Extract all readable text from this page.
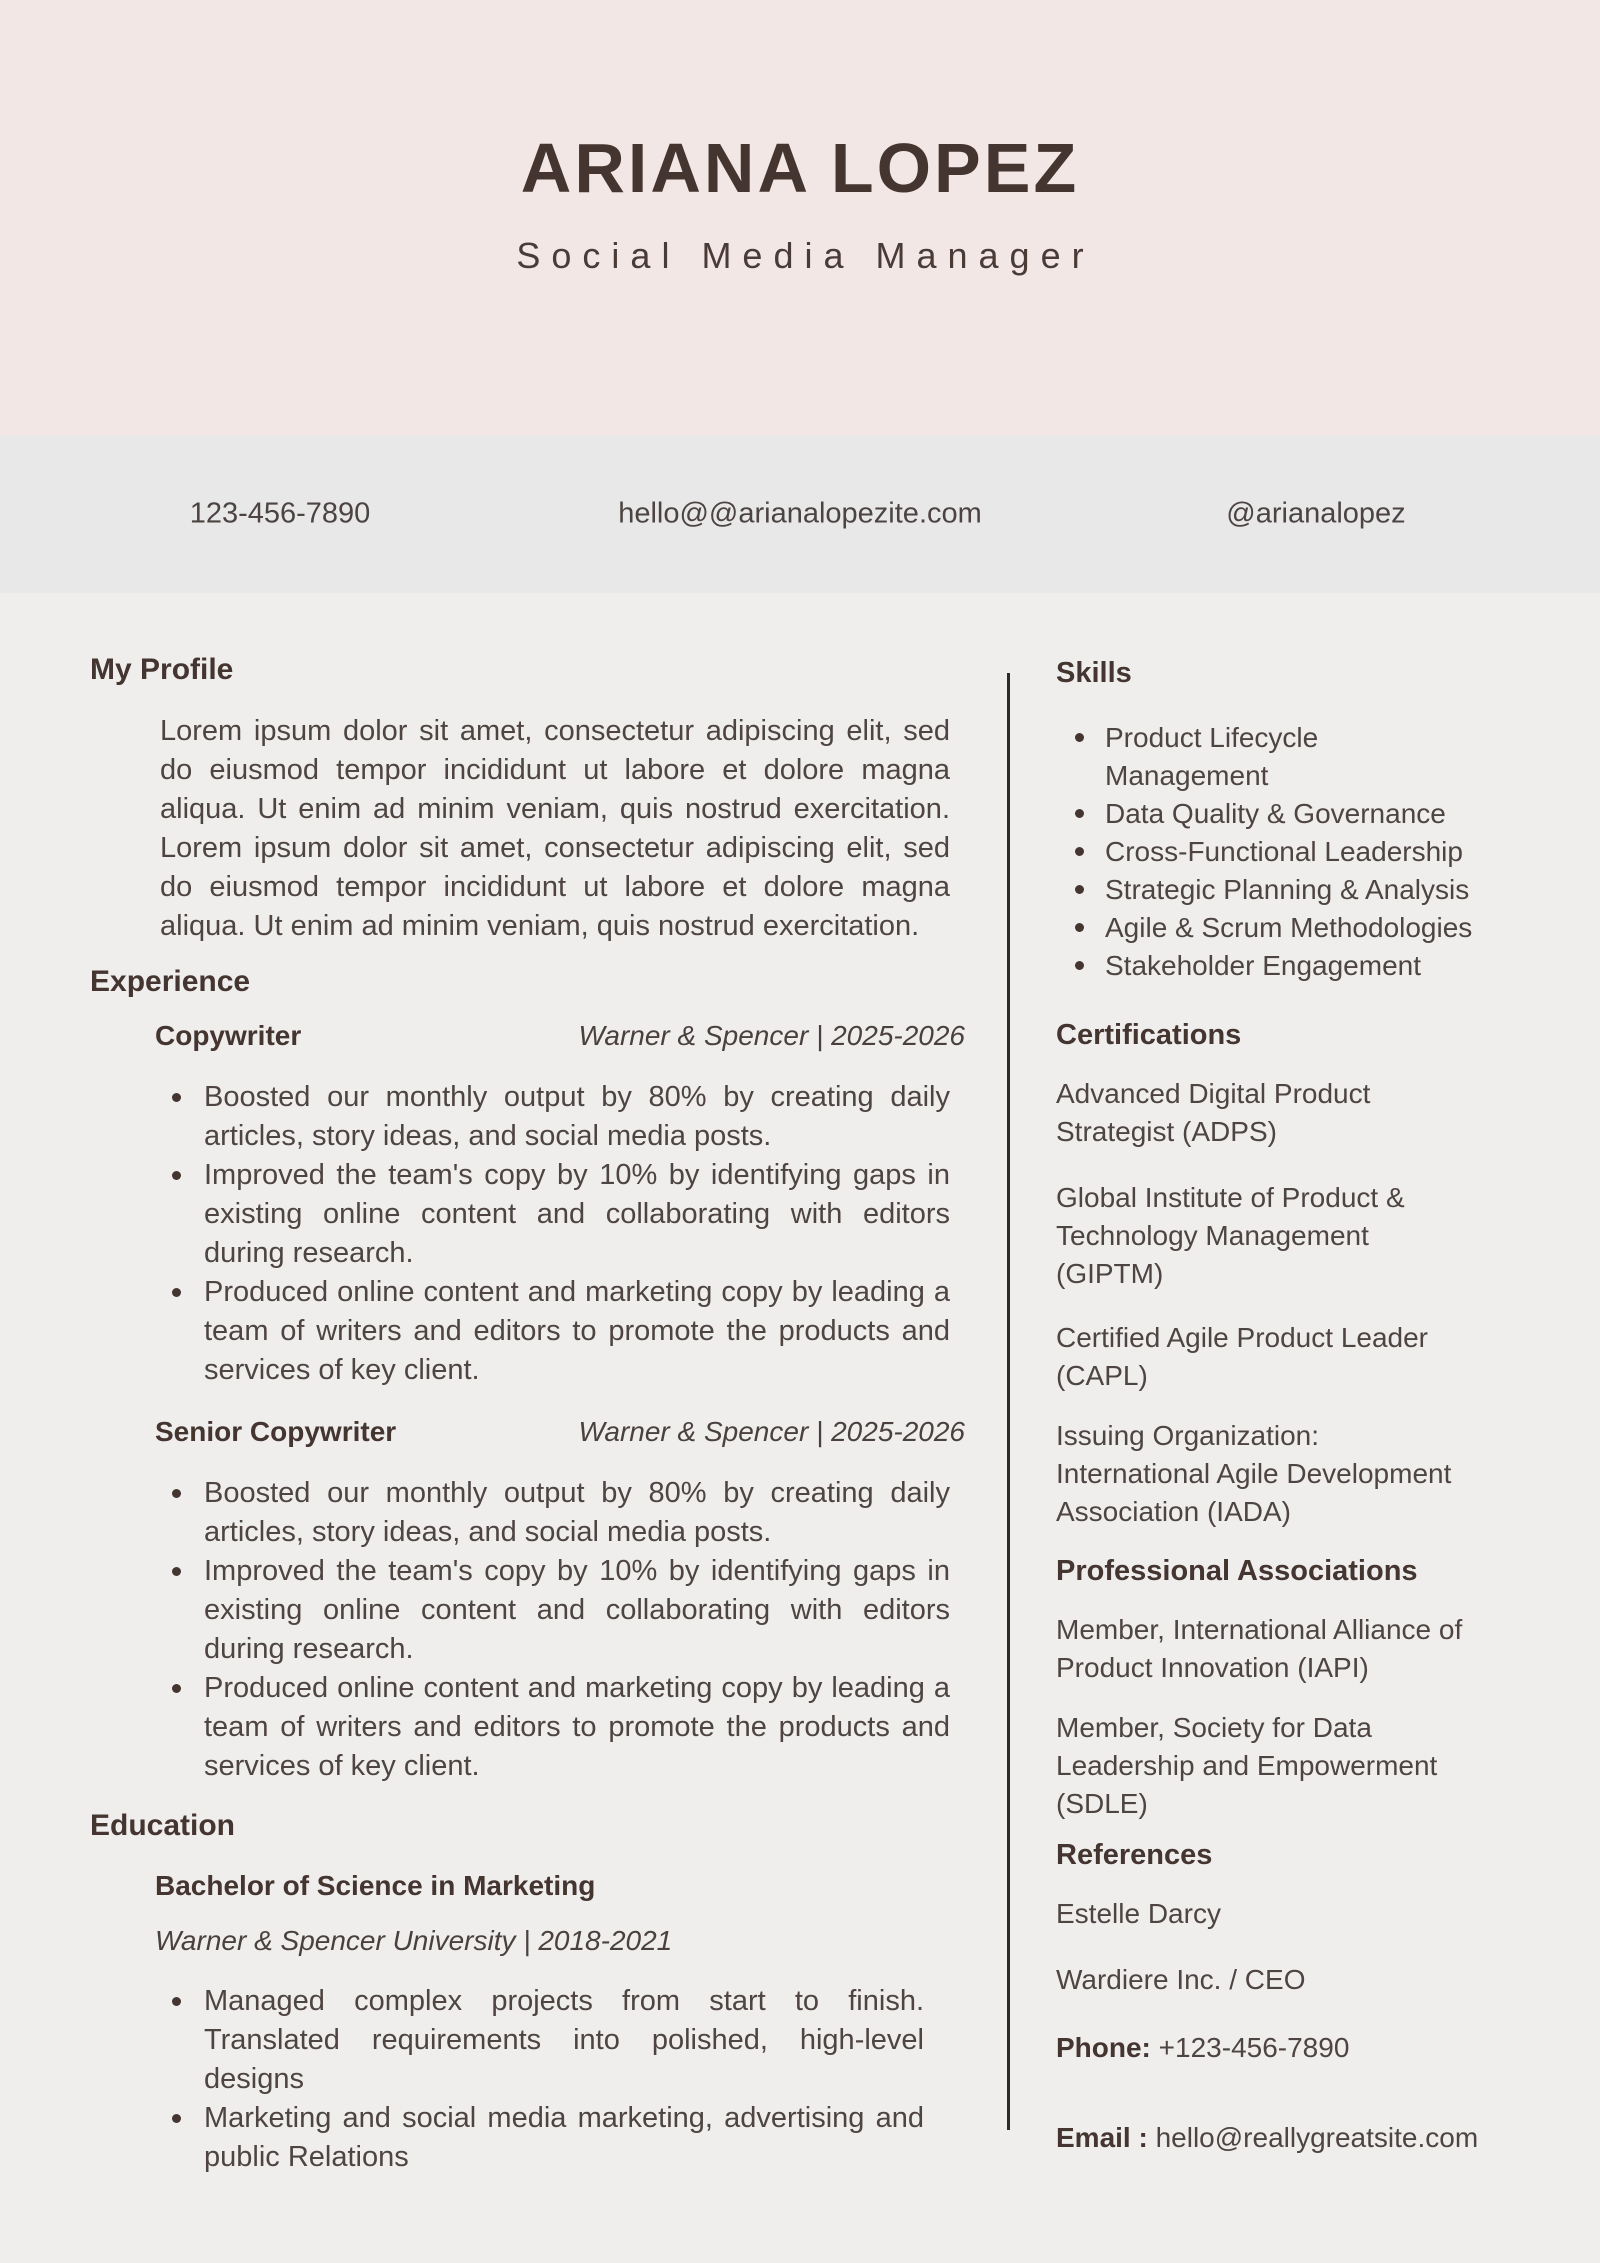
ARIANA LOPEZ
Social Media Manager
123-456-7890	hello@@arianalopezite.com	@arianalopez
My Profile

Lorem ipsum dolor sit amet, consectetur adipiscing elit, sed do eiusmod tempor incididunt ut labore et dolore magna aliqua. Ut enim ad minim veniam, quis nostrud exercitation. Lorem ipsum dolor sit amet, consectetur adipiscing elit, sed do eiusmod tempor incididunt ut labore et dolore magna aliqua. Ut enim ad minim veniam, quis nostrud exercitation.

Experience
Copywriter	Warner & Spencer | 2025-2026
Boosted our monthly output by 80% by creating daily articles, story ideas, and social media posts.
Improved the team's copy by 10% by identifying gaps in existing online content and collaborating with editors during research.
Produced online content and marketing copy by leading a team of writers and editors to promote the products and services of key client.
Senior Copywriter	Warner & Spencer | 2025-2026
Boosted our monthly output by 80% by creating daily articles, story ideas, and social media posts.
Improved the team's copy by 10% by identifying gaps in existing online content and collaborating with editors during research.
Produced online content and marketing copy by leading a team of writers and editors to promote the products and services of key client.
Education
Bachelor of Science in Marketing
Warner & Spencer University | 2018-2021
Managed complex projects from start to finish. Translated requirements into polished, high-level designs
Marketing and social media marketing, advertising and public Relations
Skills
Product Lifecycle Management
Data Quality & Governance
Cross-Functional Leadership
Strategic Planning & Analysis
Agile & Scrum Methodologies
Stakeholder Engagement
Certifications

Advanced Digital Product Strategist (ADPS)

Global Institute of Product & Technology Management (GIPTM)

Certified Agile Product Leader (CAPL)

Issuing Organization: International Agile Development Association (IADA)

Professional Associations

Member, International Alliance of Product Innovation (IAPI)

Member, Society for Data Leadership and Empowerment (SDLE)

References

Estelle Darcy

Wardiere Inc. / CEO

Phone: +123-456-7890

Email : hello@reallygreatsite.com
